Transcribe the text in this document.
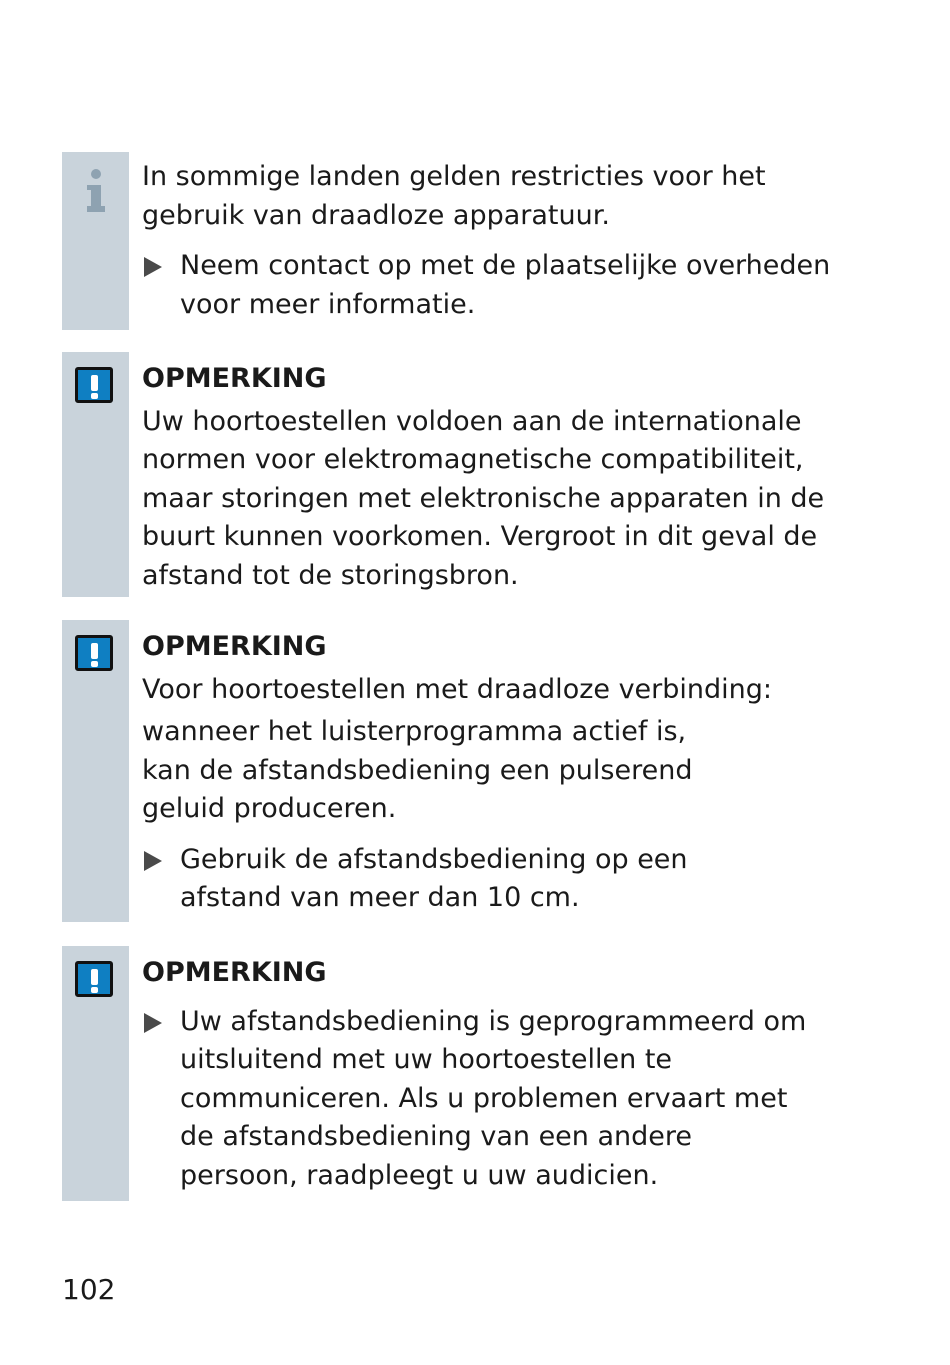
In sommige landen gelden restricties voor het gebruik van draadloze apparatuur.

Neem contact op met de plaatselijke overheden voor meer informatie.
OPMERKING

Uw hoortoestellen voldoen aan de internationale normen voor elektromagnetische compatibiliteit, maar storingen met elektronische apparaten in de buurt kunnen voorkomen. Vergroot in dit geval de afstand tot de storingsbron.

OPMERKING

Voor hoortoestellen met draadloze verbinding:

wanneer het luisterprogramma actief is, kan de afstandsbediening een pulserend geluid produceren.

Gebruik de afstandsbediening op een afstand van meer dan 10 cm.
OPMERKING
Uw afstandsbediening is geprogrammeerd om uitsluitend met uw hoortoestellen te communiceren. Als u problemen ervaart met de afstandsbediening van een andere persoon, raadpleegt u uw audicien.
102
